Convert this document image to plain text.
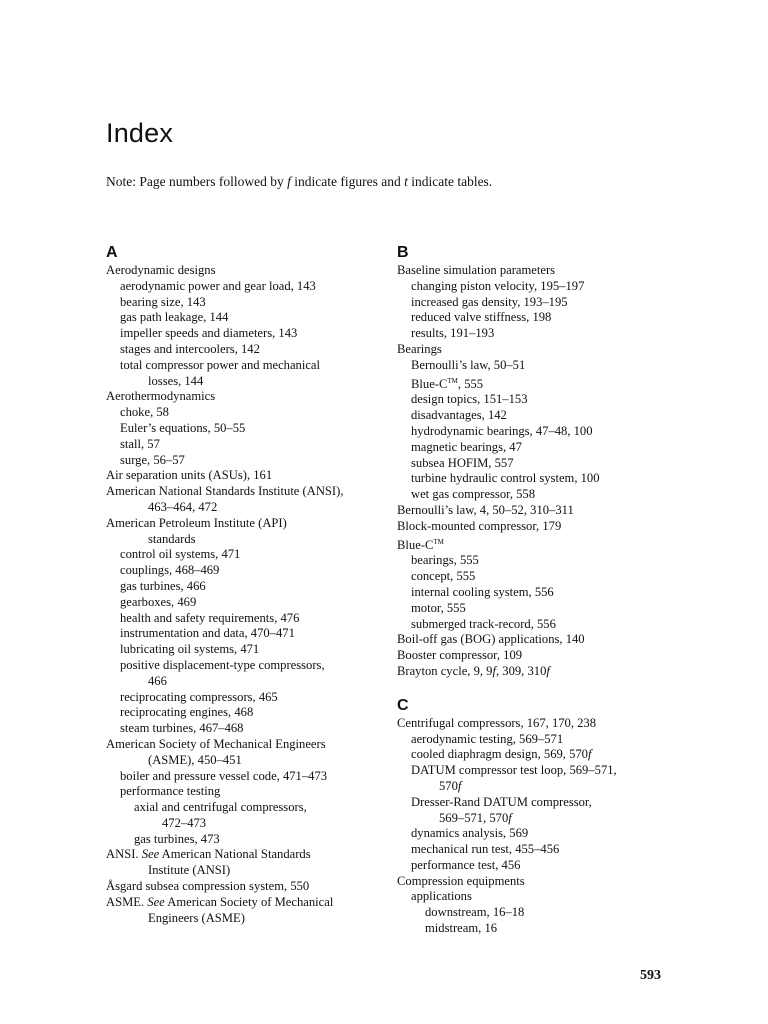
Index
Note: Page numbers followed by f indicate figures and t indicate tables.
A
Aerodynamic designs
aerodynamic power and gear load, 143
bearing size, 143
gas path leakage, 144
impeller speeds and diameters, 143
stages and intercoolers, 142
total compressor power and mechanical
losses, 144
Aerothermodynamics
choke, 58
Euler’s equations, 50–55
stall, 57
surge, 56–57
Air separation units (ASUs), 161
American National Standards Institute (ANSI),
463–464, 472
American Petroleum Institute (API)
standards
control oil systems, 471
couplings, 468–469
gas turbines, 466
gearboxes, 469
health and safety requirements, 476
instrumentation and data, 470–471
lubricating oil systems, 471
positive displacement-type compressors,
466
reciprocating compressors, 465
reciprocating engines, 468
steam turbines, 467–468
American Society of Mechanical Engineers
(ASME), 450–451
boiler and pressure vessel code, 471–473
performance testing
axial and centrifugal compressors,
472–473
gas turbines, 473
ANSI. See American National Standards
Institute (ANSI)
Åsgard subsea compression system, 550
ASME. See American Society of Mechanical
Engineers (ASME)
B
Baseline simulation parameters
changing piston velocity, 195–197
increased gas density, 193–195
reduced valve stiffness, 198
results, 191–193
Bearings
Bernoulli’s law, 50–51
Blue-C™, 555
design topics, 151–153
disadvantages, 142
hydrodynamic bearings, 47–48, 100
magnetic bearings, 47
subsea HOFIM, 557
turbine hydraulic control system, 100
wet gas compressor, 558
Bernoulli’s law, 4, 50–52, 310–311
Block-mounted compressor, 179
Blue-C™
bearings, 555
concept, 555
internal cooling system, 556
motor, 555
submerged track-record, 556
Boil-off gas (BOG) applications, 140
Booster compressor, 109
Brayton cycle, 9, 9f, 309, 310f
C
Centrifugal compressors, 167, 170, 238
aerodynamic testing, 569–571
cooled diaphragm design, 569, 570f
DATUM compressor test loop, 569–571,
570f
Dresser-Rand DATUM compressor,
569–571, 570f
dynamics analysis, 569
mechanical run test, 455–456
performance test, 456
Compression equipments
applications
downstream, 16–18
midstream, 16
593
